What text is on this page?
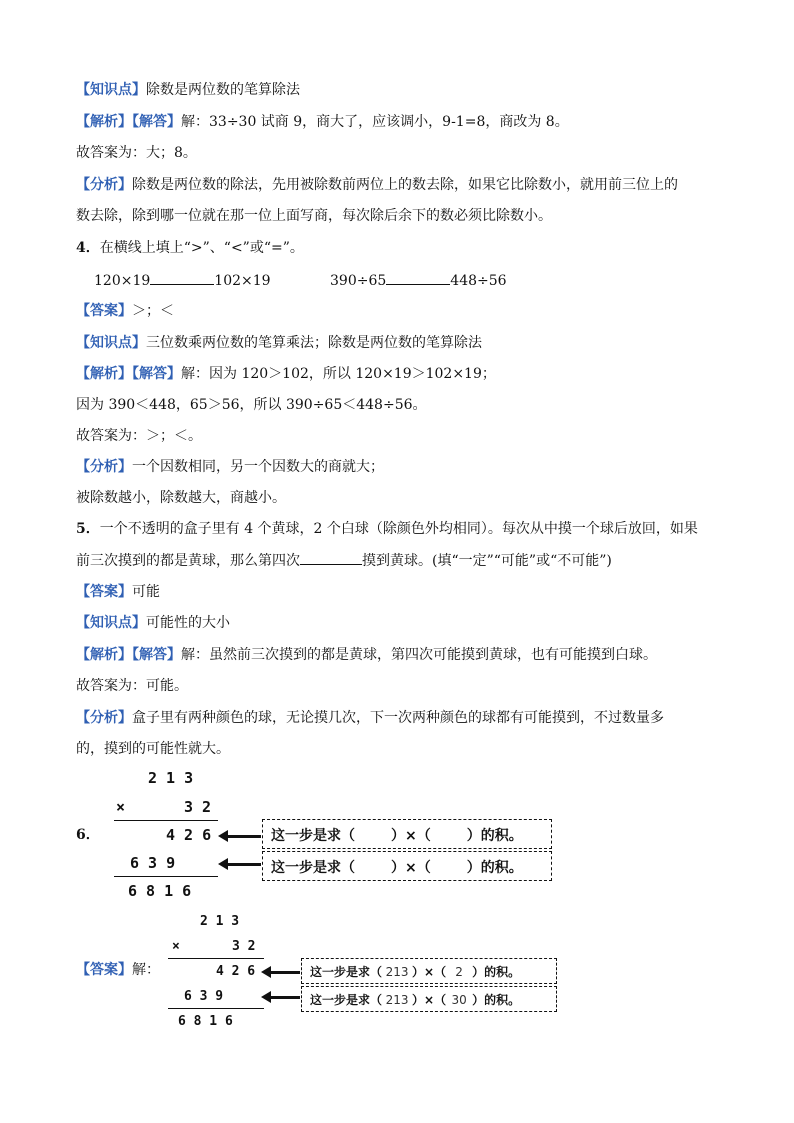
【知识点】除数是两位数的笔算除法
【解析】【解答】解：33÷30 试商 9，商大了，应该调小，9-1=8，商改为 8。
故答案为：大；8。
【分析】除数是两位数的除法，先用被除数前两位上的数去除，如果它比除数小，就用前三位上的
数去除，除到哪一位就在那一位上面写商，每次除后余下的数必须比除数小。
4．在横线上填上“>”、“<”或“=”。
120×19	102×19	390÷65	448÷56
【答案】＞；＜
【知识点】三位数乘两位数的笔算乘法；除数是两位数的笔算除法
【解析】【解答】解：因为 120＞102，所以 120×19＞102×19；
因为 390＜448，65＞56，所以 390÷65＜448÷56。
故答案为：＞；＜。
【分析】一个因数相同，另一个因数大的商就大；
被除数越小，除数越大，商越小。
5．一个不透明的盒子里有 4 个黄球，2 个白球（除颜色外均相同）。每次从中摸一个球后放回，如果
前三次摸到的都是黄球，那么第四次	摸到黄球。(填“一定”“可能”或“不可能”)
【答案】可能
【知识点】可能性的大小
【解析】【解答】解：虽然前三次摸到的都是黄球，第四次可能摸到黄球，也有可能摸到白球。
故答案为：可能。
【分析】盒子里有两种颜色的球，无论摸几次，下一次两种颜色的球都有可能摸到，不过数量多
的，摸到的可能性就大。
6．
2 1 3
×	3 2
4 2 6
6 3 9
6 8 1 6
这一步是求（	）×（	）的积。
这一步是求（	）×（	）的积。
【答案】解：
2 1 3
×	3 2
4 2 6
6 3 9
6 8 1 6
这一步是求（ 213 ）×（ 2 ）的积。
这一步是求（ 213 ）×（ 30 ）的积。
